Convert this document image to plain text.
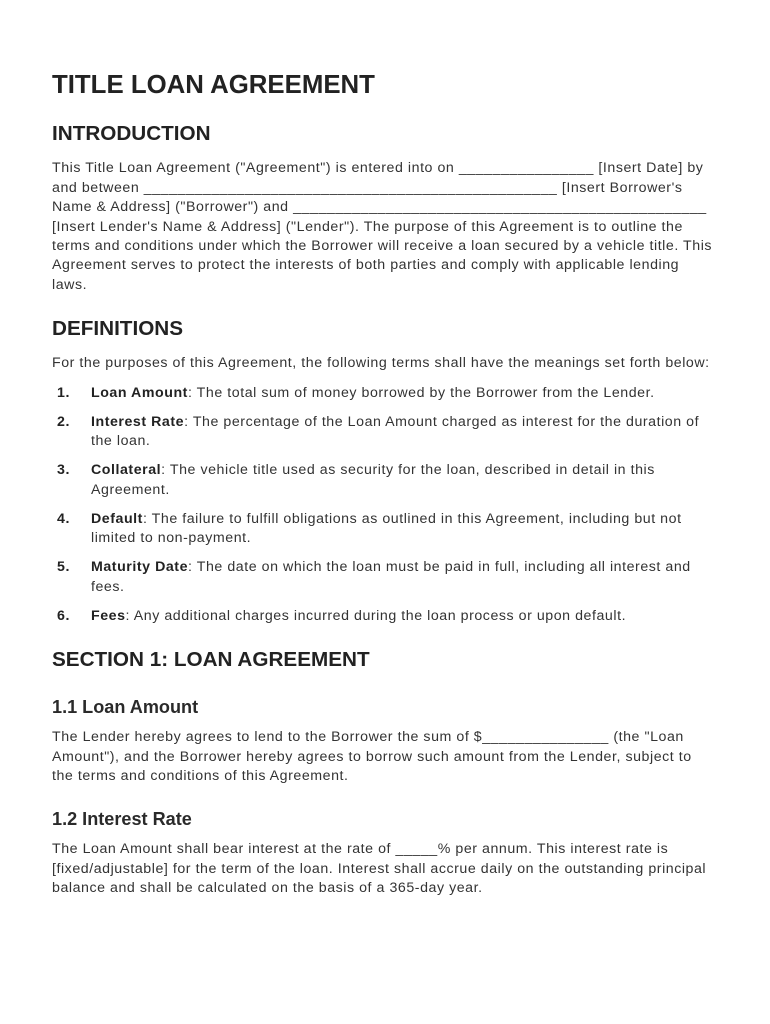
TITLE LOAN AGREEMENT
INTRODUCTION

This Title Loan Agreement ("Agreement") is entered into on ________________ [Insert Date] by
and between _________________________________________________ [Insert Borrower's
Name & Address] ("Borrower") and _________________________________________________
[Insert Lender's Name & Address] ("Lender"). The purpose of this Agreement is to outline the
terms and conditions under which the Borrower will receive a loan secured by a vehicle title. This
Agreement serves to protect the interests of both parties and comply with applicable lending
laws.

DEFINITIONS

For the purposes of this Agreement, the following terms shall have the meanings set forth below:

1.	Loan Amount: The total sum of money borrowed by the Borrower from the Lender.
2.	Interest Rate: The percentage of the Loan Amount charged as interest for the duration of
the loan.
3.	Collateral: The vehicle title used as security for the loan, described in detail in this
Agreement.
4.	Default: The failure to fulfill obligations as outlined in this Agreement, including but not
limited to non-payment.
5.	Maturity Date: The date on which the loan must be paid in full, including all interest and
fees.
6.	Fees: Any additional charges incurred during the loan process or upon default.
SECTION 1: LOAN AGREEMENT
1.1 Loan Amount

The Lender hereby agrees to lend to the Borrower the sum of $_______________ (the "Loan
Amount"), and the Borrower hereby agrees to borrow such amount from the Lender, subject to
the terms and conditions of this Agreement.

1.2 Interest Rate

The Loan Amount shall bear interest at the rate of _____% per annum. This interest rate is
[fixed/adjustable] for the term of the loan. Interest shall accrue daily on the outstanding principal
balance and shall be calculated on the basis of a 365-day year.
